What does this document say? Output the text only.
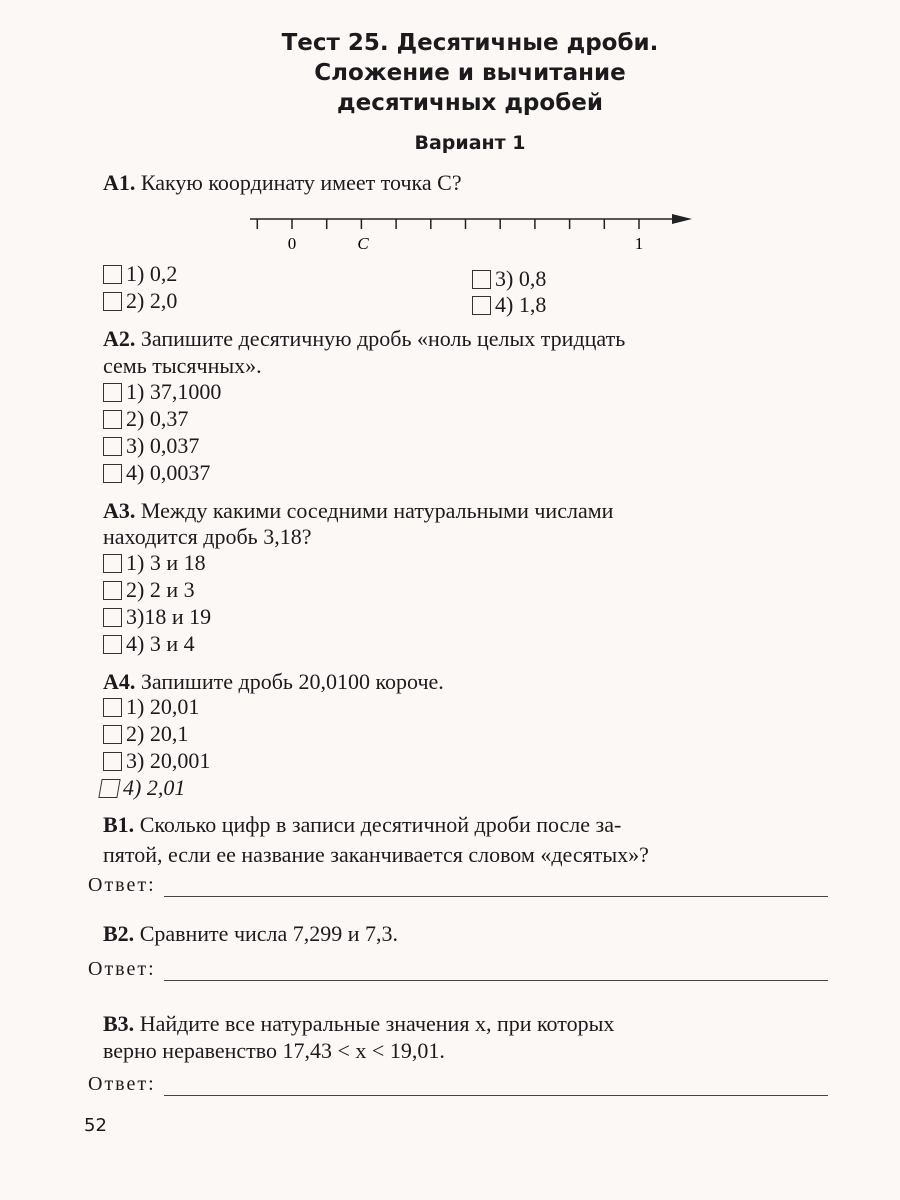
Тест 25. Десятичные дроби.
Сложение и вычитание
десятичных дробей
Вариант 1
А1. Какую координату имеет точка C?
0	C	1
1) 0,2
2) 2,0
3) 0,8
4) 1,8
А2. Запишите десятичную дробь «ноль целых тридцать
семь тысячных».
1) 37,1000
2) 0,37
3) 0,037
4) 0,0037
А3. Между какими соседними натуральными числами
находится дробь 3,18?
1) 3 и 18
2) 2 и 3
3)18 и 19
4) 3 и 4
А4. Запишите дробь 20,0100 короче.
1) 20,01
2) 20,1
3) 20,001
4) 2,01
В1. Сколько цифр в записи десятичной дроби после за-
пятой, если ее название заканчивается словом «десятых»?
Ответ:
В2. Сравните числа 7,299 и 7,3.
Ответ:
В3. Найдите все натуральные значения x, при которых
верно неравенство 17,43 < x < 19,01.
Ответ:
52
